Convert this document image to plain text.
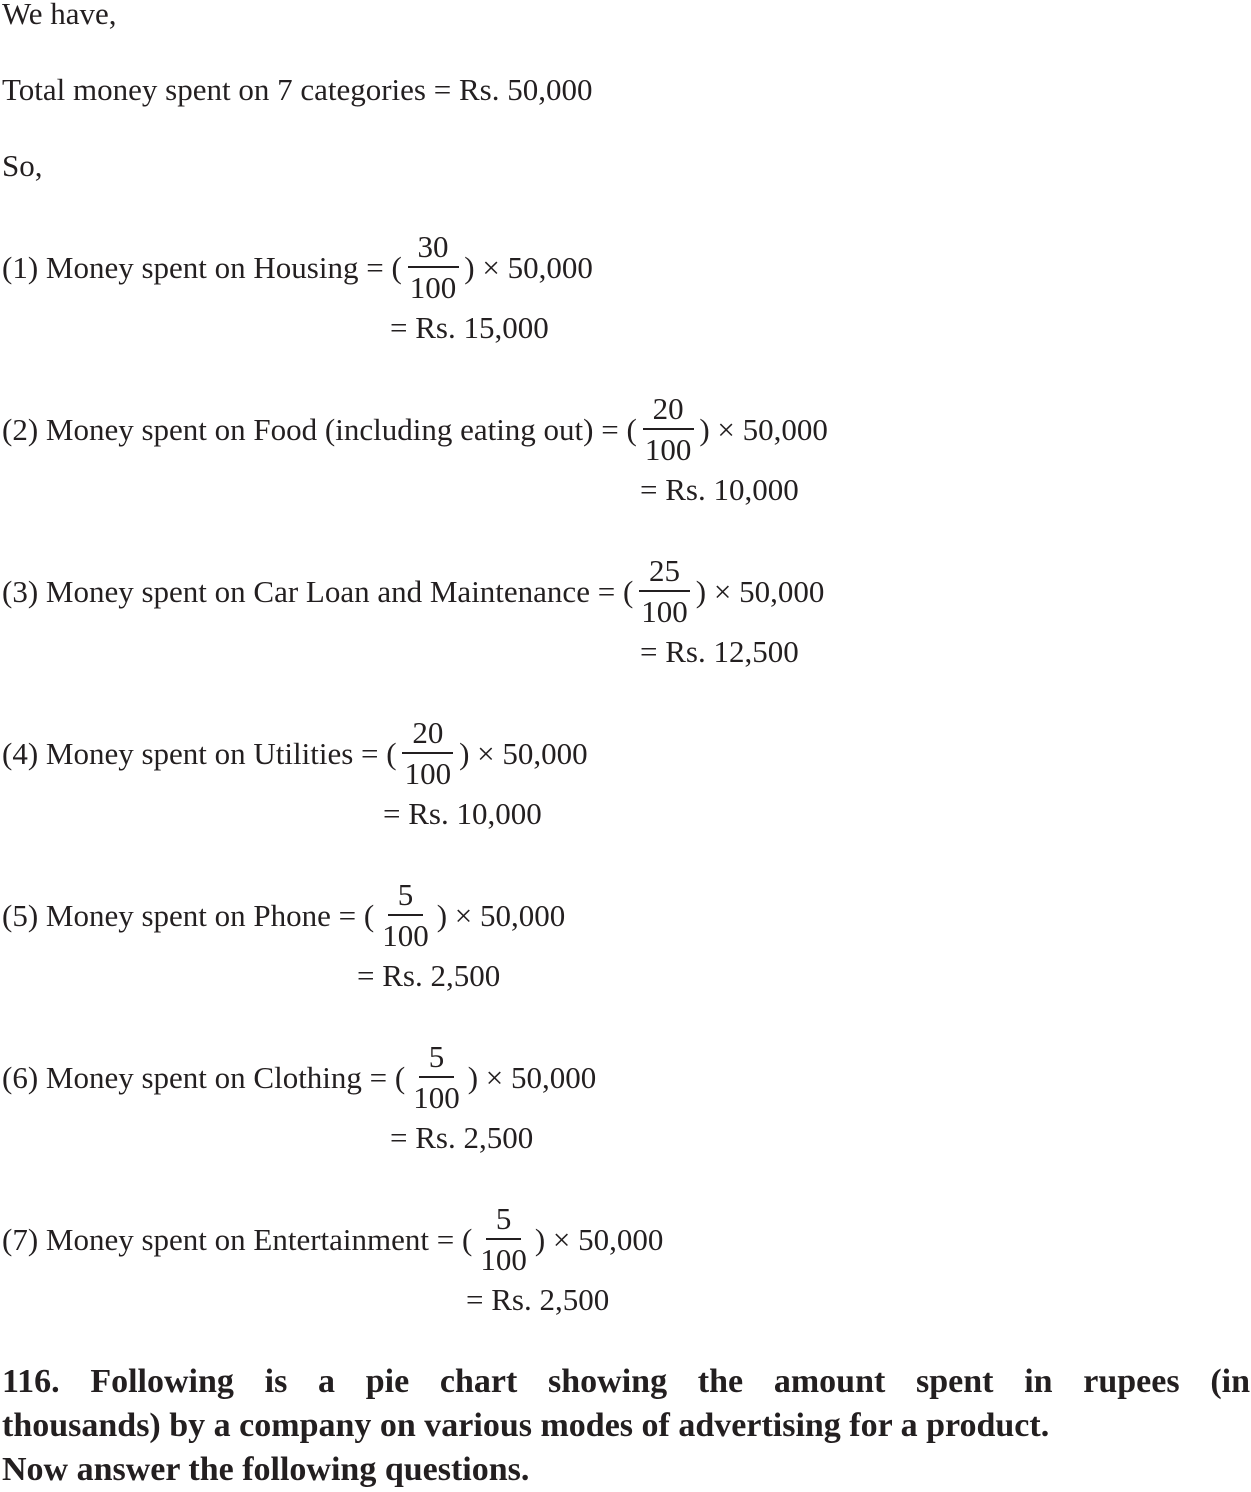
We have,
Total money spent on 7 categories = Rs. 50,000
So,
(1) Money spent on Housing = ( $\frac{30}{100}$ ) × 50,000
= Rs. 15,000
(2) Money spent on Food (including eating out) = ( $\frac{20}{100}$ ) × 50,000
= Rs. 10,000
(3) Money spent on Car Loan and Maintenance = ( $\frac{25}{100}$ ) × 50,000
= Rs. 12,500
(4) Money spent on Utilities = ( $\frac{20}{100}$ ) × 50,000
= Rs. 10,000
(5) Money spent on Phone = ( $\frac{5}{100}$ ) × 50,000
= Rs. 2,500
(6) Money spent on Clothing = ( $\frac{5}{100}$ ) × 50,000
= Rs. 2,500
(7) Money spent on Entertainment = ( $\frac{5}{100}$ ) × 50,000
= Rs. 2,500
116. Following is a pie chart showing the amount spent in rupees (in
thousands) by a company on various modes of advertising for a product.
Now answer the following questions.
